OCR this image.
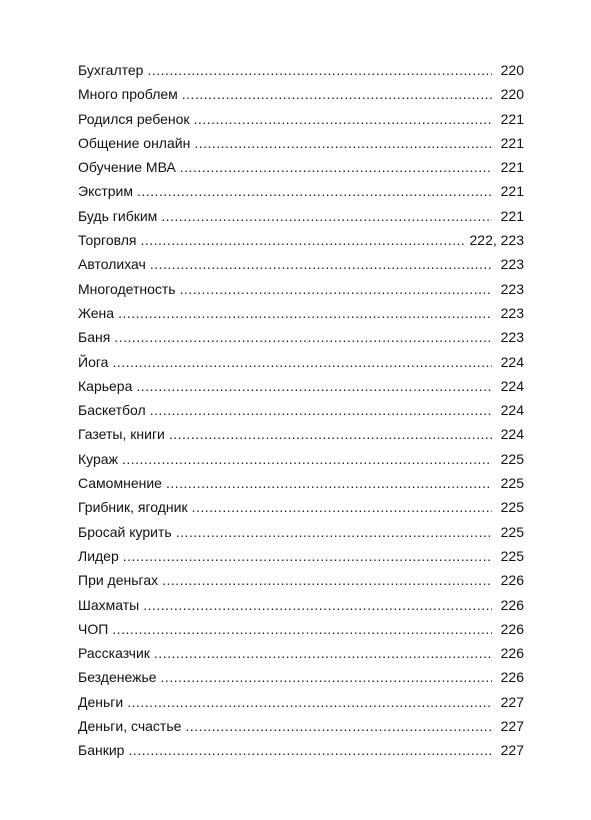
Бухгалтер .....	220
Много проблем .....	220
Родился ребенок .....	221
Общение онлайн .....	221
Обучение МВА .....	221
Экстрим .....	221
Будь гибким .....	221
Торговля .....	222, 223
Автолихач .....	223
Многодетность .....	223
Жена .....	223
Баня .....	223
Йога .....	224
Карьера .....	224
Баскетбол .....	224
Газеты, книги .....	224
Кураж .....	225
Самомнение .....	225
Грибник, ягодник .....	225
Бросай курить .....	225
Лидер .....	225
При деньгах .....	226
Шахматы .....	226
ЧОП .....	226
Рассказчик .....	226
Безденежье .....	226
Деньги .....	227
Деньги, счастье .....	227
Банкир .....	227
